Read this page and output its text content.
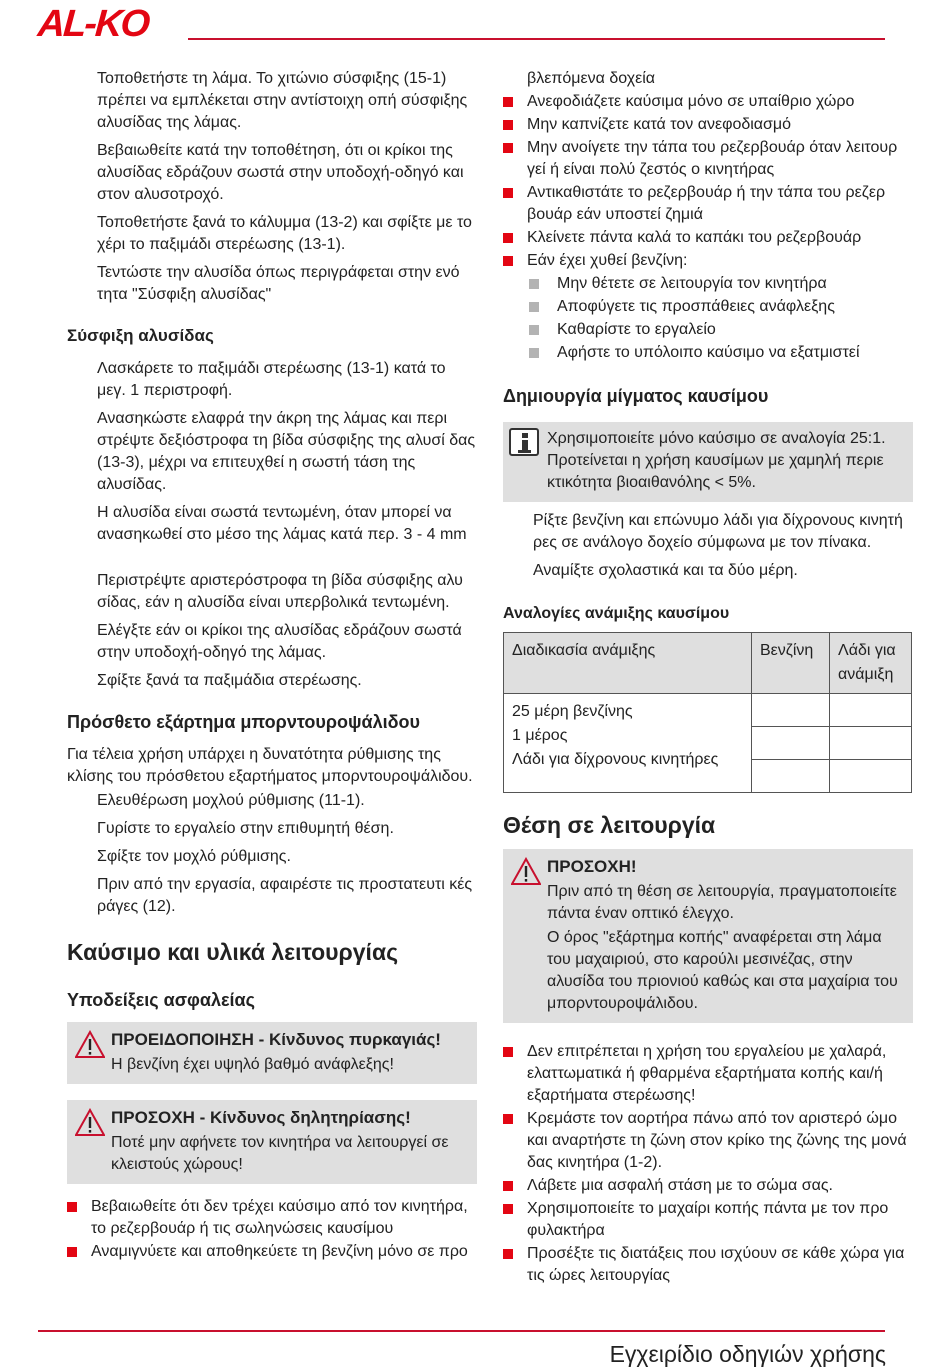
AL-KO

Τοποθετήστε τη λάμα. Το χιτώνιο σύσφιξης (15-1) πρέπει να εμπλέκεται στην αντίστοιχη οπή σύσφιξης αλυσίδας της λάμας.

Βεβαιωθείτε κατά την τοποθέτηση, ότι οι κρίκοι της αλυσίδας εδράζουν σωστά στην υποδοχή-οδηγό και στον αλυσοτροχό.

Τοποθετήστε ξανά το κάλυμμα (13-2) και σφίξτε με το χέρι το παξιμάδι στερέωσης (13-1).

Τεντώστε την αλυσίδα όπως περιγράφεται στην ενό τητα "Σύσφιξη αλυσίδας"

Σύσφιξη αλυσίδας

Λασκάρετε το παξιμάδι στερέωσης (13-1) κατά το μεγ. 1 περιστροφή.

Ανασηκώστε ελαφρά την άκρη της λάμας και περι στρέψτε δεξιόστροφα τη βίδα σύσφιξης της αλυσί δας (13-3), μέχρι να επιτευχθεί η σωστή τάση της αλυσίδας.

Η αλυσίδα είναι σωστά τεντωμένη, όταν μπορεί να ανασηκωθεί στο μέσο της λάμας κατά περ. 3 - 4 mm

Περιστρέψτε αριστερόστροφα τη βίδα σύσφιξης αλυ σίδας, εάν η αλυσίδα είναι υπερβολικά τεντωμένη.

Ελέγξτε εάν οι κρίκοι της αλυσίδας εδράζουν σωστά στην υποδοχή-οδηγό της λάμας.

Σφίξτε ξανά τα παξιμάδια στερέωσης.

Πρόσθετο εξάρτημα μπορντουροψάλιδου

Για τέλεια χρήση υπάρχει η δυνατότητα ρύθμισης της κλίσης του πρόσθετου εξαρτήματος μπορντουροψάλιδου.

Ελευθέρωση μοχλού ρύθμισης (11-1).

Γυρίστε το εργαλείο στην επιθυμητή θέση.

Σφίξτε τον μοχλό ρύθμισης.

Πριν από την εργασία, αφαιρέστε τις προστατευτι κές ράγες (12).

Καύσιμο και υλικά λειτουργίας
Υποδείξεις ασφαλείας
ΠΡΟΕΙΔΟΠΟΙΗΣΗ - Κίνδυνος πυρκαγιάς!
Η βενζίνη έχει υψηλό βαθμό ανάφλεξης!
ΠΡΟΣΟΧΗ - Κίνδυνος δηλητηρίασης!
Ποτέ μην αφήνετε τον κινητήρα να λειτουργεί σε κλειστούς χώρους!
Βεβαιωθείτε ότι δεν τρέχει καύσιμο από τον κινητήρα, το ρεζερβουάρ ή τις σωληνώσεις καυσίμου
Αναμιγνύετε και αποθηκεύετε τη βενζίνη μόνο σε προ

βλεπόμενα δοχεία

Ανεφοδιάζετε καύσιμα μόνο σε υπαίθριο χώρο
Μην καπνίζετε κατά τον ανεφοδιασμό
Μην ανοίγετε την τάπα του ρεζερβουάρ όταν λειτουρ γεί ή είναι πολύ ζεστός ο κινητήρας
Αντικαθιστάτε το ρεζερβουάρ ή την τάπα του ρεζερ βουάρ εάν υποστεί ζημιά
Κλείνετε πάντα καλά το καπάκι του ρεζερβουάρ
Εάν έχει χυθεί βενζίνη:
Μην θέτετε σε λειτουργία τον κινητήρα
Αποφύγετε τις προσπάθειες ανάφλεξης
Καθαρίστε το εργαλείο
Αφήστε το υπόλοιπο καύσιμο να εξατμιστεί
Δημιουργία μίγματος καυσίμου
Χρησιμοποιείτε μόνο καύσιμο σε αναλογία 25:1. Προτείνεται η χρήση καυσίμων με χαμηλή περιε κτικότητα βιοαιθανόλης < 5%.

Ρίξτε βενζίνη και επώνυμο λάδι για δίχρονους κινητή ρες σε ανάλογο δοχείο σύμφωνα με τον πίνακα.

Αναμίξτε σχολαστικά και τα δύο μέρη.

Αναλογίες ανάμιξης καυσίμου
Διαδικασία ανάμιξης	Βενζίνη	Λάδι για ανάμιξη

25 μέρη βενζίνης
1 μέρος
Λάδι για δίχρονους κινητήρες		

Θέση σε λειτουργία
ΠΡΟΣΟΧΗ!
Πριν από τη θέση σε λειτουργία, πραγματοποιείτε πάντα έναν οπτικό έλεγχο.
Ο όρος "εξάρτημα κοπής" αναφέρεται στη λάμα του μαχαιριού, στο καρούλι μεσινέζας, στην αλυσίδα του πριονιού καθώς και στα μαχαίρια του μπορντουροψάλιδου.
Δεν επιτρέπεται η χρήση του εργαλείου με χαλαρά, ελαττωματικά ή φθαρμένα εξαρτήματα κοπής και/ή εξαρτήματα στερέωσης!
Κρεμάστε τον αορτήρα πάνω από τον αριστερό ώμο και αναρτήστε τη ζώνη στον κρίκο της ζώνης της μονά δας κινητήρα (1-2).
Λάβετε μια ασφαλή στάση με το σώμα σας.
Χρησιμοποιείτε το μαχαίρι κοπής πάντα με τον προ φυλακτήρα
Προσέξτε τις διατάξεις που ισχύουν σε κάθε χώρα για τις ώρες λειτουργίας
Εγχειρίδιο οδηγιών χρήσης
